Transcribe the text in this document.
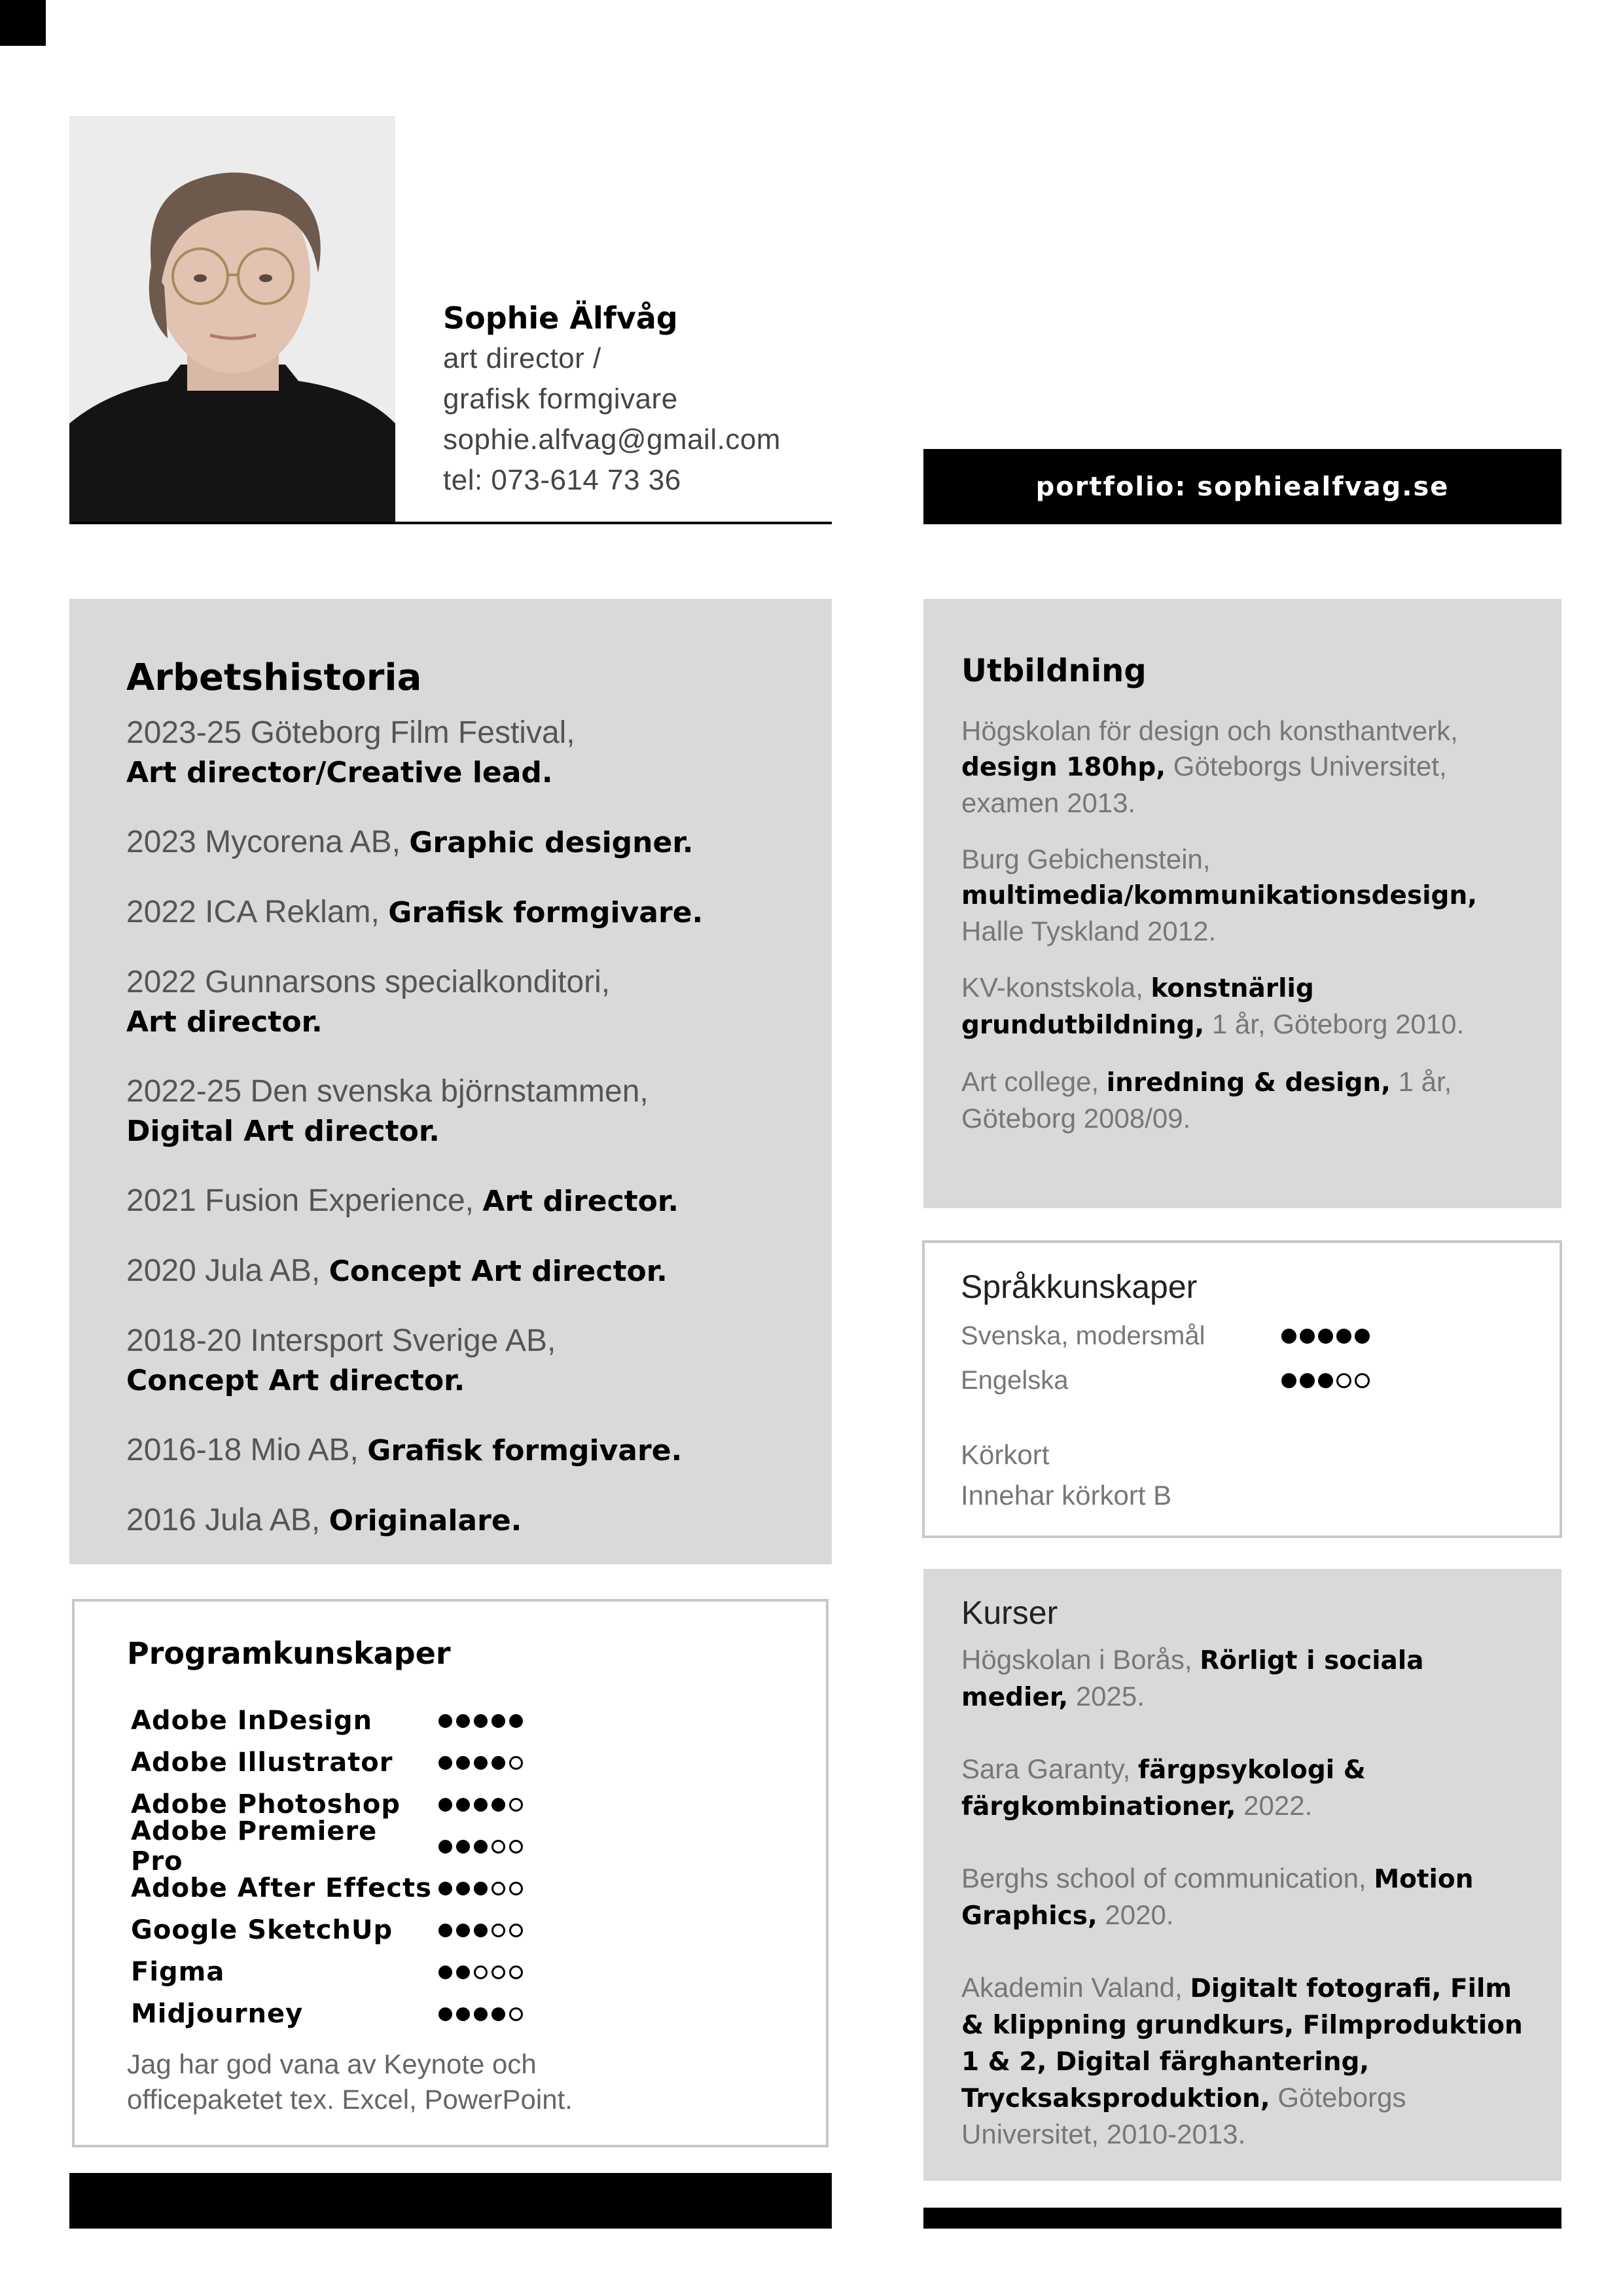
Sophie Älfvåg
art director /
grafisk formgivare
sophie.alfvag@gmail.com
tel: 073-614 73 36	portfolio: sophiealfvag.se
Arbetshistoria
2023-25 Göteborg Film Festival,
Art director/Creative lead.
2023 Mycorena AB, Graphic designer.
2022 ICA Reklam, Grafisk formgivare.
2022 Gunnarsons specialkonditori,
Art director.
2022-25 Den svenska björnstammen,
Digital Art director.
2021 Fusion Experience, Art director.
2020 Jula AB, Concept Art director.
2018-20 Intersport Sverige AB,
Concept Art director.
2016-18 Mio AB, Grafisk formgivare.
2016 Jula AB, Originalare.
Programkunskaper
Adobe InDesign
Adobe Illustrator
Adobe Photoshop
Adobe Premiere Pro
Adobe After Effects
Google SketchUp
Figma
Midjourney
Jag har god vana av Keynote och
officepaketet tex. Excel, PowerPoint.
Utbildning
Högskolan för design och konsthantverk, design 180hp, Göteborgs Universitet, examen 2013.
Burg Gebichenstein, multimedia/kommunikationsdesign, Halle Tyskland 2012.
KV-konstskola, konstnärlig grundutbildning, 1 år, Göteborg 2010.
Art college, inredning & design, 1 år, Göteborg 2008/09.
Språkkunskaper
Svenska, modersmål
Engelska
Körkort
Innehar körkort B
Kurser
Högskolan i Borås, Rörligt i sociala medier, 2025.
Sara Garanty, färgpsykologi & färgkombinationer, 2022.
Berghs school of communication, Motion Graphics, 2020.
Akademin Valand, Digitalt fotografi, Film & klippning grundkurs, Filmproduktion 1 & 2, Digital färghantering, Trycksaksproduktion, Göteborgs Universitet, 2010-2013.
